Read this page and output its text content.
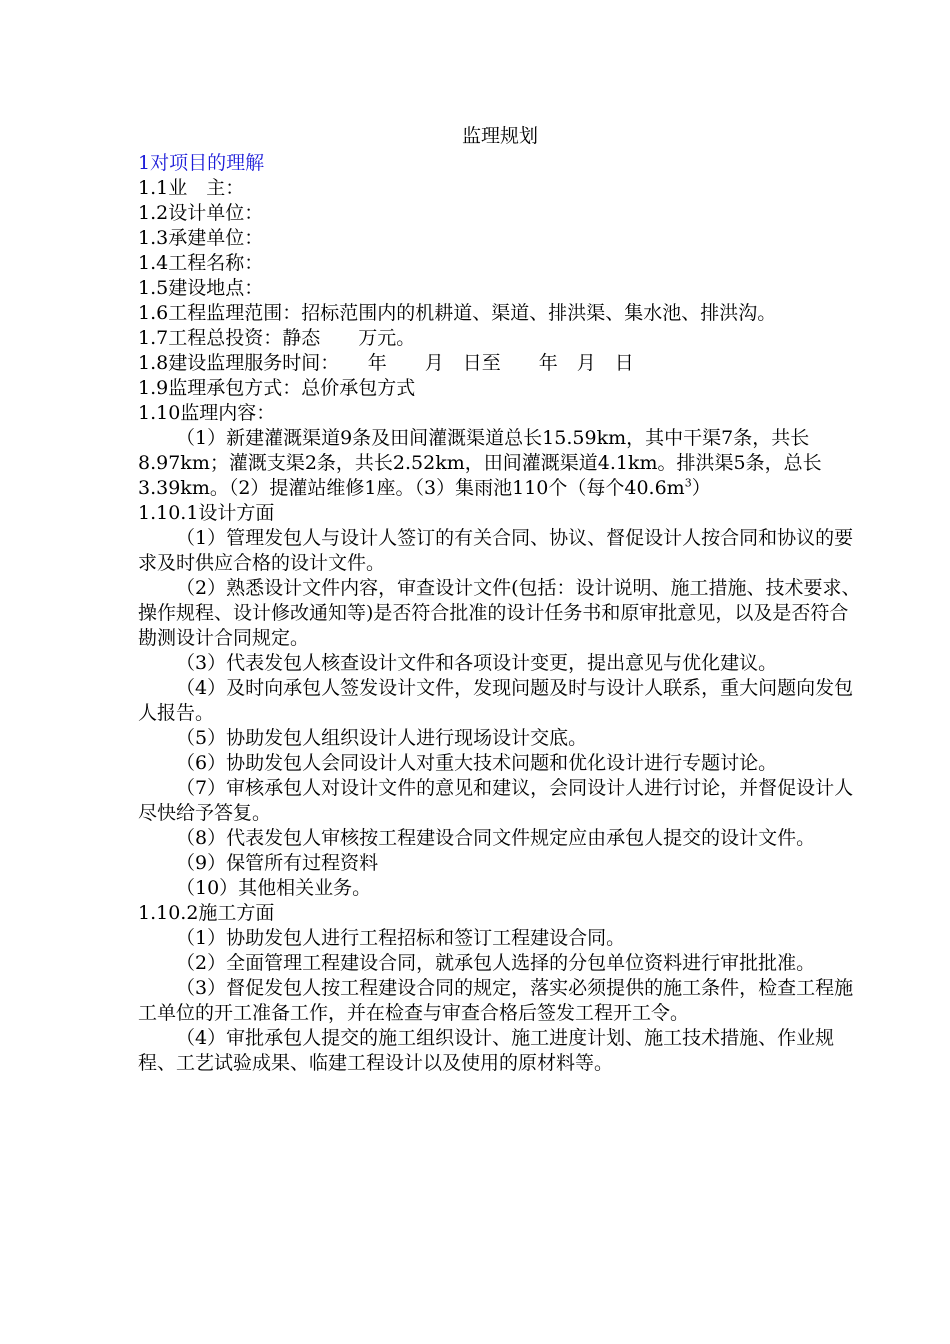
监理规划

1对项目的理解

1.1业　主：

1.2设计单位：

1.3承建单位：

1.4工程名称：

1.5建设地点：

1.6工程监理范围：招标范围内的机耕道、渠道、排洪渠、集水池、排洪沟。

1.7工程总投资：静态　　万元。

1.8建设监理服务时间：　　年　　月　日至　　年　月　日

1.9监理承包方式：总价承包方式

1.10监理内容：

（1）新建灌溉渠道9条及田间灌溉渠道总长15.59km，其中干渠7条，共长8.97km；灌溉支渠2条，共长2.52km，田间灌溉渠道4.1km。排洪渠5条，总长3.39km。（2）提灌站维修1座。（3）集雨池110个（每个$40.6m^3$）

1.10.1设计方面

（1）管理发包人与设计人签订的有关合同、协议、督促设计人按合同和协议的要求及时供应合格的设计文件。

（2）熟悉设计文件内容，审查设计文件(包括：设计说明、施工措施、技术要求、操作规程、设计修改通知等)是否符合批准的设计任务书和原审批意见，以及是否符合勘测设计合同规定。

（3）代表发包人核查设计文件和各项设计变更，提出意见与优化建议。

（4）及时向承包人签发设计文件，发现问题及时与设计人联系，重大问题向发包人报告。

（5）协助发包人组织设计人进行现场设计交底。

（6）协助发包人会同设计人对重大技术问题和优化设计进行专题讨论。

（7）审核承包人对设计文件的意见和建议，会同设计人进行讨论，并督促设计人尽快给予答复。

（8）代表发包人审核按工程建设合同文件规定应由承包人提交的设计文件。

（9）保管所有过程资料

（10）其他相关业务。

1.10.2施工方面

（1）协助发包人进行工程招标和签订工程建设合同。

（2）全面管理工程建设合同，就承包人选择的分包单位资料进行审批批准。

（3）督促发包人按工程建设合同的规定，落实必须提供的施工条件，检查工程施工单位的开工准备工作，并在检查与审查合格后签发工程开工令。

（4）审批承包人提交的施工组织设计、施工进度计划、施工技术措施、作业规程、工艺试验成果、临建工程设计以及使用的原材料等。
